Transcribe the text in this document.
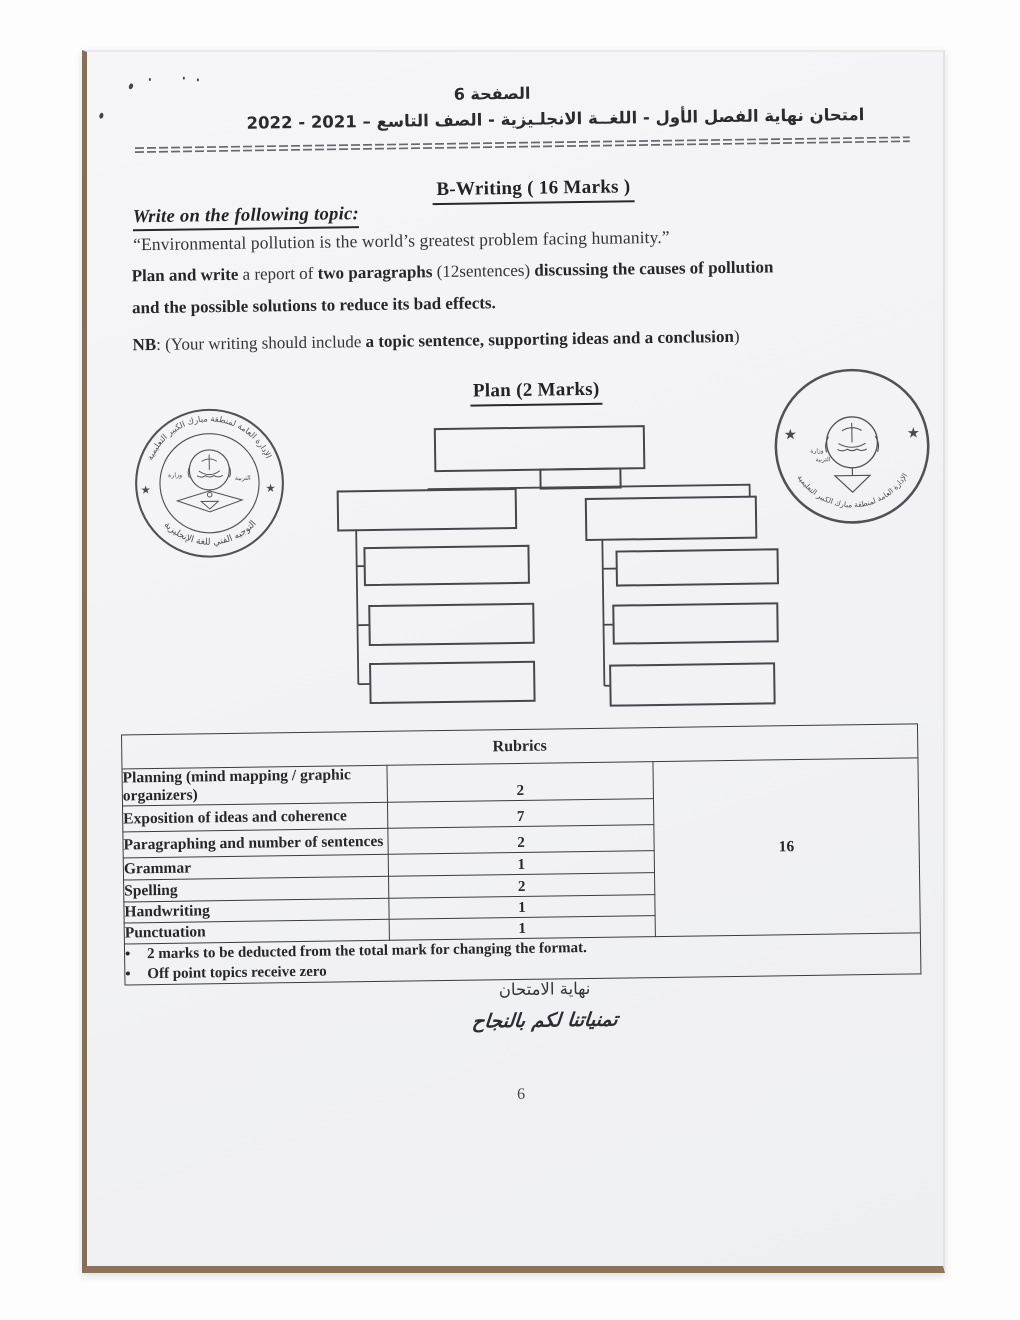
الصفحة 6
امتحان نهاية الفصل الأول - اللغــة الانجلـيزية - الصف التاسع – 2021 - 2022
B-Writing ( 16 Marks )
Write on the following topic:
“Environmental pollution is the world’s greatest problem facing humanity.”
Plan and write a report of two paragraphs (12sentences) discussing the causes of pollution
and the possible solutions to reduce its bad effects.
NB: (Your writing should include a topic sentence, supporting ideas and a conclusion)
Plan (2 Marks)
الإدارة العامة لمنطقة مبارك الكبير التعليمية
التوجيه الفني للغة الإنجليزية
★	★
وزارة	التربية
★	★
وزارة
التربية
الإدارة العامة لمنطقة مبارك الكبير التعليمية
Rubrics		
Planning (mind mapping / graphic organizers)	2	16
Exposition of ideas and coherence	7	
Paragraphing and number of sentences	2	
Grammar	1	
Spelling	2	
Handwriting	1	
Punctuation	1	

• 2 marks to be deducted from the total mark for changing the format.
• Off point topics receive zero
نهاية الامتحان
تمنياتنا لكم بالنجاح
6
